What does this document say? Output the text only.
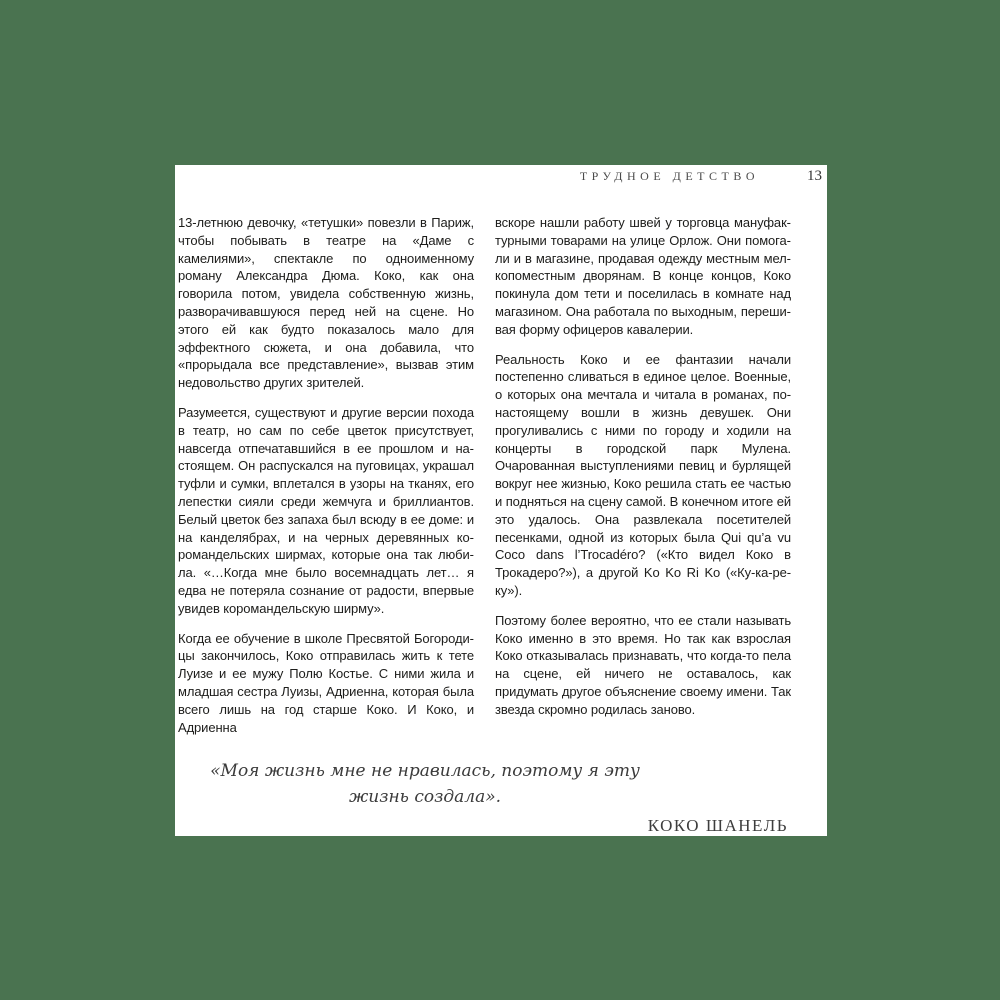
ТРУДНОЕ ДЕТСТВО	13

13-летнюю девочку, «тетушки» повезли в Париж, чтобы побывать в театре на «Даме с камелиями», спектакле по одноименному роману Александра Дюма. Коко, как она говорила потом, увидела собственную жизнь, разворачивавшуюся перед ней на сцене. Но этого ей как будто показалось мало для эффектного сюжета, и она добавила, что «прорыдала все представление», вызвав этим недовольство других зрителей.

Разумеется, существуют и другие версии похода в театр, но сам по себе цветок присутствует, навсегда отпечатавшийся в ее прошлом и настоящем. Он распускался на пуговицах, украшал туфли и сумки, вплетался в узоры на тканях, его лепестки сияли среди жемчуга и бриллиантов. Белый цветок без запаха был всюду в ее доме: и на канделябрах, и на черных деревянных коромандельских ширмах, которые она так любила. «…Когда мне было восемнадцать лет… я едва не потеряла сознание от радости, впервые увидев коромандельскую ширму».

Когда ее обучение в школе Пресвятой Богородицы закончилось, Коко отправилась жить к тете Луизе и ее мужу Полю Костье. С ними жила и младшая сестра Луизы, Адриенна, которая была всего лишь на год старше Коко. И Коко, и Адриенна

вскоре нашли работу швей у торговца мануфактурными товарами на улице Орлож. Они помогали и в магазине, продавая одежду местным мелкопоместным дворянам. В конце концов, Коко покинула дом тети и поселилась в комнате над магазином. Она работала по выходным, перешивая форму офицеров кавалерии.

Реальность Коко и ее фантазии начали постепенно сливаться в единое целое. Военные, о которых она мечтала и читала в романах, по-настоящему вошли в жизнь девушек. Они прогуливались с ними по городу и ходили на концерты в городской парк Мулена. Очарованная выступлениями певиц и бурлящей вокруг нее жизнью, Коко решила стать ее частью и подняться на сцену самой. В конечном итоге ей это удалось. Она развлекала посетителей песенками, одной из которых была Qui qu’a vu Coco dans l’Trocadéro? («Кто видел Коко в Трокадеро?»), а другой Ko Ko Ri Ko («Ку-ка-ре-ку»).

Поэтому более вероятно, что ее стали называть Коко именно в это время. Но так как взрослая Коко отказывалась признавать, что когда-то пела на сцене, ей ничего не оставалось, как придумать другое объяснение своему имени. Так звезда скромно родилась заново.

«Моя жизнь мне не нравилась, поэтому я эту
жизнь создала».
КОКО ШАНЕЛЬ
